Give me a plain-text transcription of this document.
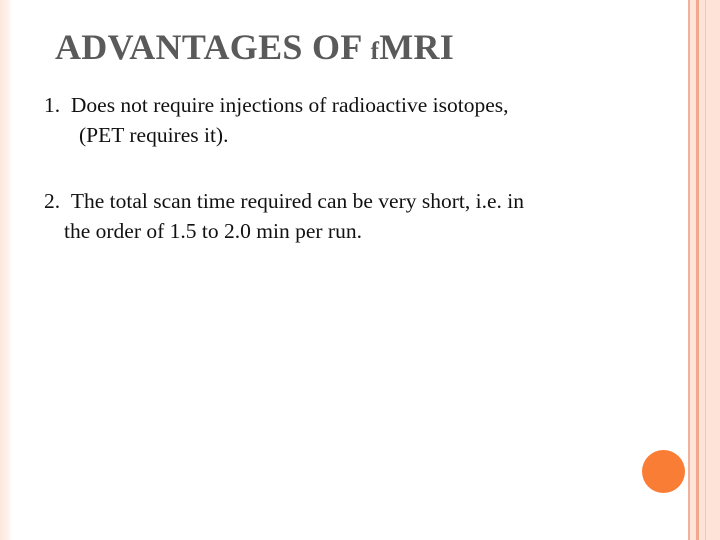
ADVANTAGES OF fMRI
1. Does not require injections of radioactive isotopes,
(PET requires it).
2. The total scan time required can be very short, i.e. in
the order of 1.5 to 2.0 min per run.
